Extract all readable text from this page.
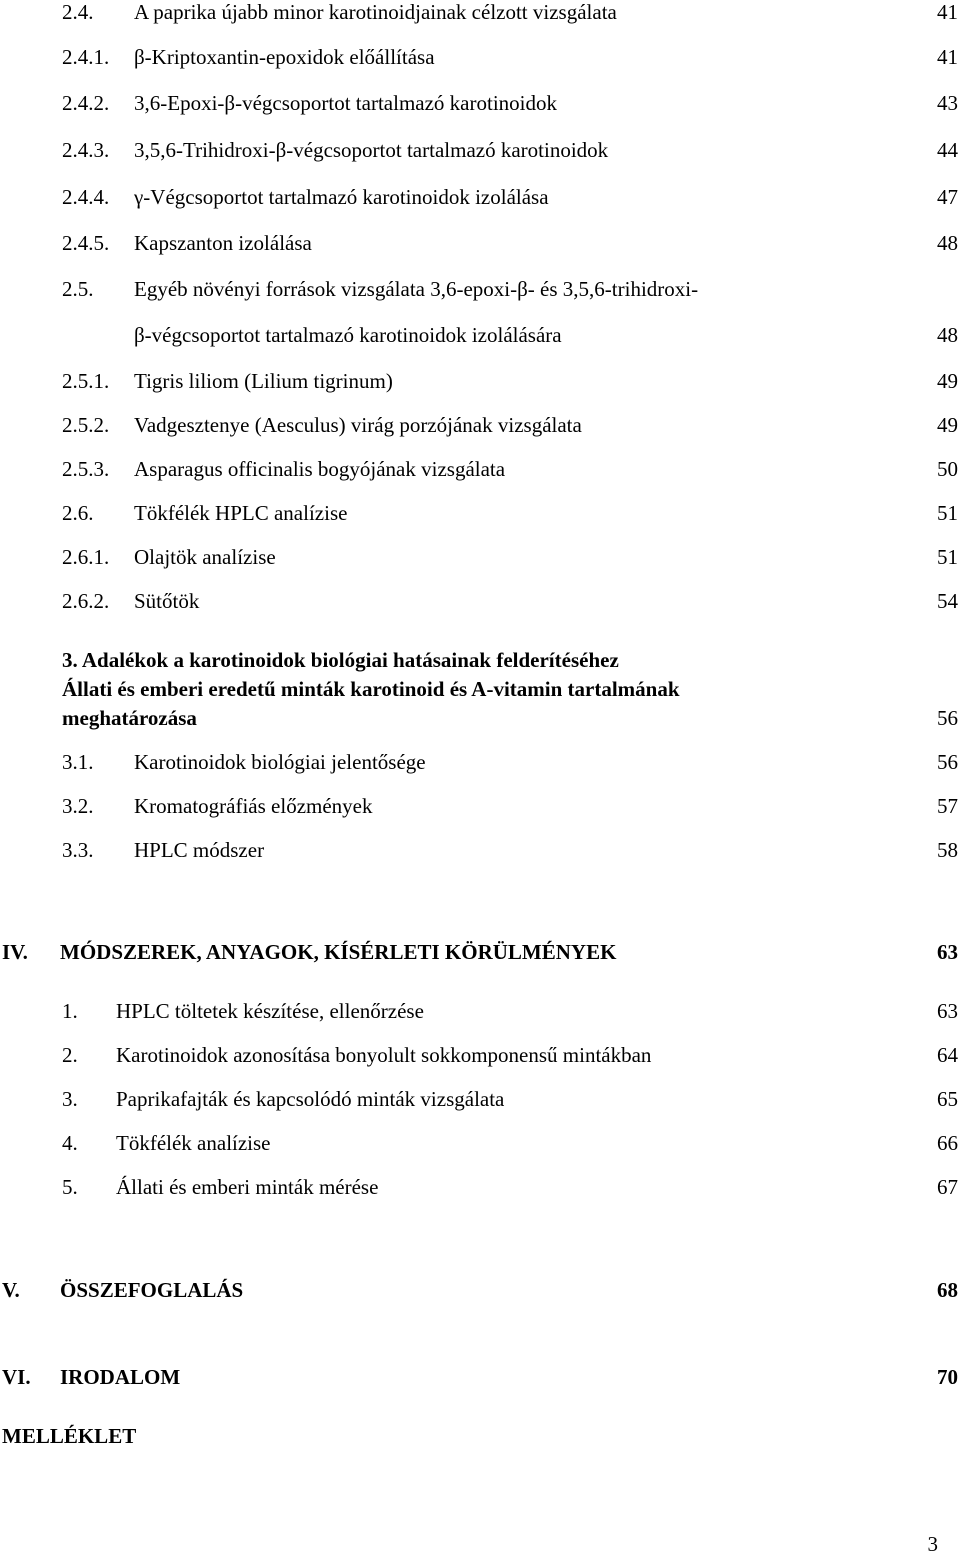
2.4. A paprika újabb minor karotinoidjainak célzott vizsgálata	41
2.4.1. β-Kriptoxantin-epoxidok előállítása	41
2.4.2. 3,6-Epoxi-β-végcsoportot tartalmazó karotinoidok	43
2.4.3. 3,5,6-Trihidroxi-β-végcsoportot tartalmazó karotinoidok	44
2.4.4. γ-Végcsoportot tartalmazó karotinoidok izolálása	47
2.4.5. Kapszanton izolálása	48
2.5. Egyéb növényi források vizsgálata 3,6-epoxi-β- és 3,5,6-trihidroxi-
β-végcsoportot tartalmazó karotinoidok izolálására	48
2.5.1. Tigris liliom (Lilium tigrinum)	49
2.5.2. Vadgesztenye (Aesculus) virág porzójának vizsgálata	49
2.5.3. Asparagus officinalis bogyójának vizsgálata	50
2.6. Tökfélék HPLC analízise	51
2.6.1. Olajtök analízise	51
2.6.2. Sütőtök	54
3. Adalékok a karotinoidok biológiai hatásainak felderítéséhez
Állati és emberi eredetű minták karotinoid és A-vitamin tartalmának
meghatározása	56
3.1. Karotinoidok biológiai jelentősége	56
3.2. Kromatográfiás előzmények	57
3.3. HPLC módszer	58
IV. MÓDSZEREK, ANYAGOK, KÍSÉRLETI KÖRÜLMÉNYEK	63
1. HPLC töltetek készítése, ellenőrzése	63
2. Karotinoidok azonosítása bonyolult sokkomponensű mintákban	64
3. Paprikafajták és kapcsolódó minták vizsgálata	65
4. Tökfélék analízise	66
5. Állati és emberi minták mérése	67
V. ÖSSZEFOGLALÁS	68
VI. IRODALOM	70
MELLÉKLET
3
